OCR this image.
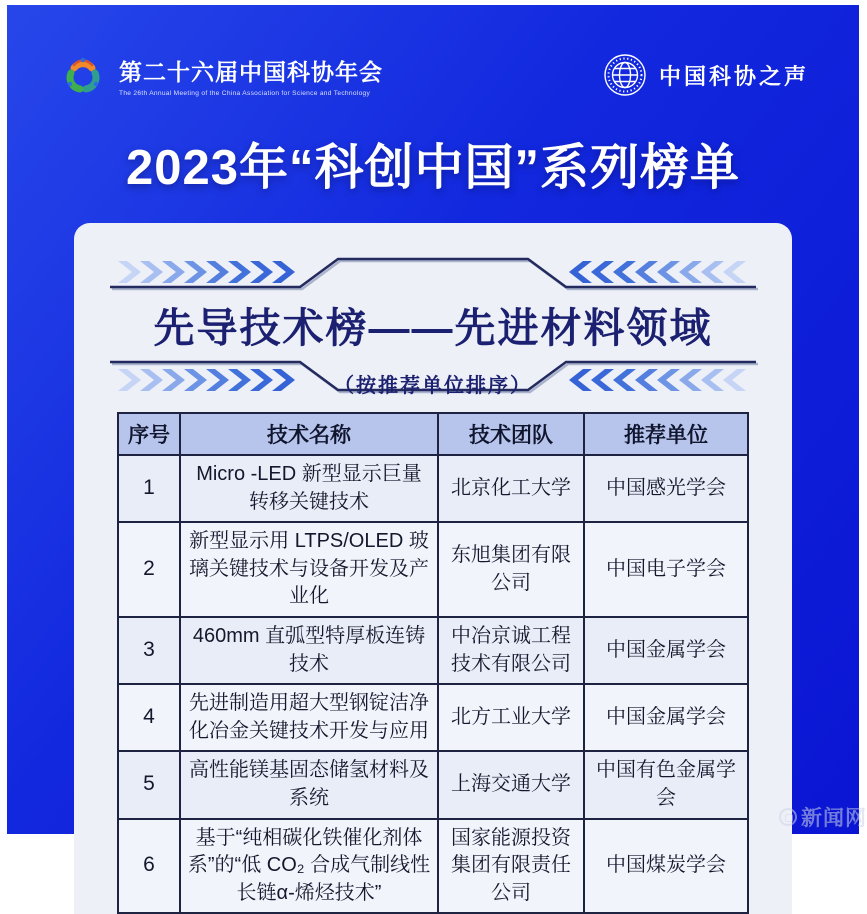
第二十六届中国科协年会
The 26th Annual Meeting of the China Association for Science and Technology
中国科协之声
2023年“科创中国”系列榜单
先导技术榜——先进材料领域
（按推荐单位排序）
序号	技术名称	技术团队	推荐单位
1	Micro -LED 新型显示巨量转移关键技术	北京化工大学	中国感光学会
2	新型显示用 LTPS/OLED 玻璃关键技术与设备开发及产业化	东旭集团有限公司	中国电子学会
3	460mm 直弧型特厚板连铸技术	中冶京诚工程技术有限公司	中国金属学会
4	先进制造用超大型钢锭洁净化冶金关键技术开发与应用	北方工业大学	中国金属学会
5	高性能镁基固态储氢材料及系统	上海交通大学	中国有色金属学会
6	基于“纯相碳化铁催化剂体系”的“低 CO₂ 合成气制线性长链α-烯烃技术”	国家能源投资集团有限责任公司	中国煤炭学会
新闻网
